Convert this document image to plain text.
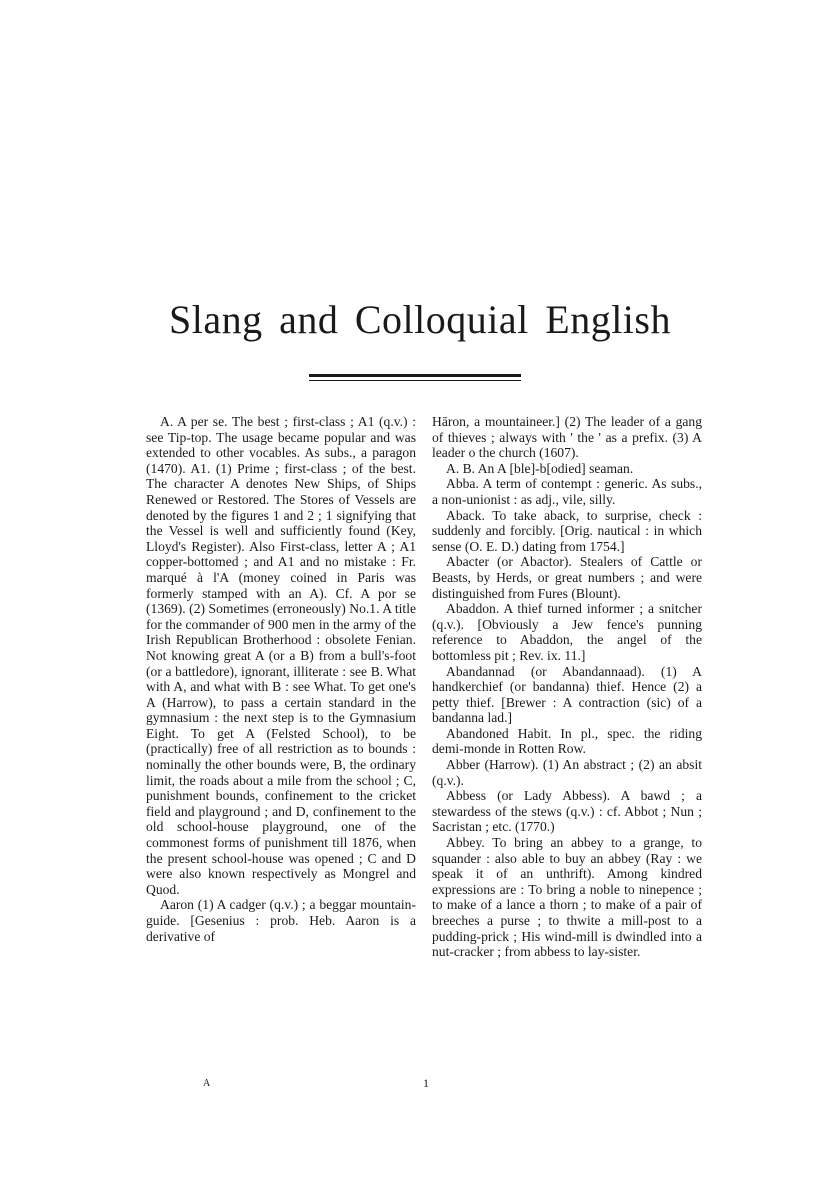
Slang and Colloquial English

A. A per se. The best ; first-class ; A1 (q.v.) : see Tip-top. The usage became popular and was extended to other vocables. As subs., a paragon (1470). A1. (1) Prime ; first-class ; of the best. The character A denotes New Ships, of Ships Renewed or Restored. The Stores of Vessels are denoted by the figures 1 and 2 ; 1 signifying that the Vessel is well and sufficiently found (Key, Lloyd's Register). Also First-class, letter A ; A1 copper-bottomed ; and A1 and no mistake : Fr. marqué à l'A (money coined in Paris was formerly stamped with an A). Cf. A por se (1369). (2) Sometimes (erroneously) No.1. A title for the commander of 900 men in the army of the Irish Republican Brotherhood : obsolete Fenian. Not knowing great A (or a B) from a bull's-foot (or a battledore), ignorant, illiterate : see B. What with A, and what with B : see What. To get one's A (Harrow), to pass a certain standard in the gymnasium : the next step is to the Gymnasium Eight. To get A (Felsted School), to be (practically) free of all restriction as to bounds : nominally the other bounds were, B, the ordinary limit, the roads about a mile from the school ; C, punishment bounds, confinement to the cricket field and playground ; and D, confinement to the old school-house playground, one of the commonest forms of punishment till 1876, when the present school-house was opened ; C and D were also known respectively as Mongrel and Quod.

Aaron (1) A cadger (q.v.) ; a beggar mountain-guide. [Gesenius : prob. Heb. Aaron is a derivative of

Hāron, a mountaineer.] (2) The leader of a gang of thieves ; always with ' the ' as a prefix. (3) A leader o the church (1607).

A. B. An A [ble]-b[odied] seaman.

Abba. A term of contempt : generic. As subs., a non-unionist : as adj., vile, silly.

Aback. To take aback, to surprise, check : suddenly and forcibly. [Orig. nautical : in which sense (O. E. D.) dating from 1754.]

Abacter (or Abactor). Stealers of Cattle or Beasts, by Herds, or great numbers ; and were distinguished from Fures (Blount).

Abaddon. A thief turned informer ; a snitcher (q.v.). [Obviously a Jew fence's punning reference to Abaddon, the angel of the bottomless pit ; Rev. ix. 11.]

Abandannad (or Abandannaad). (1) A handkerchief (or bandanna) thief. Hence (2) a petty thief. [Brewer : A contraction (sic) of a bandanna lad.]

Abandoned Habit. In pl., spec. the riding demi-monde in Rotten Row.

Abber (Harrow). (1) An abstract ; (2) an absit (q.v.).

Abbess (or Lady Abbess). A bawd ; a stewardess of the stews (q.v.) : cf. Abbot ; Nun ; Sacristan ; etc. (1770.)

Abbey. To bring an abbey to a grange, to squander : also able to buy an abbey (Ray : we speak it of an unthrift). Among kindred expressions are : To bring a noble to ninepence ; to make of a lance a thorn ; to make of a pair of breeches a purse ; to thwite a mill-post to a pudding-prick ; His wind-mill is dwindled into a nut-cracker ; from abbess to lay-sister.

A	1
